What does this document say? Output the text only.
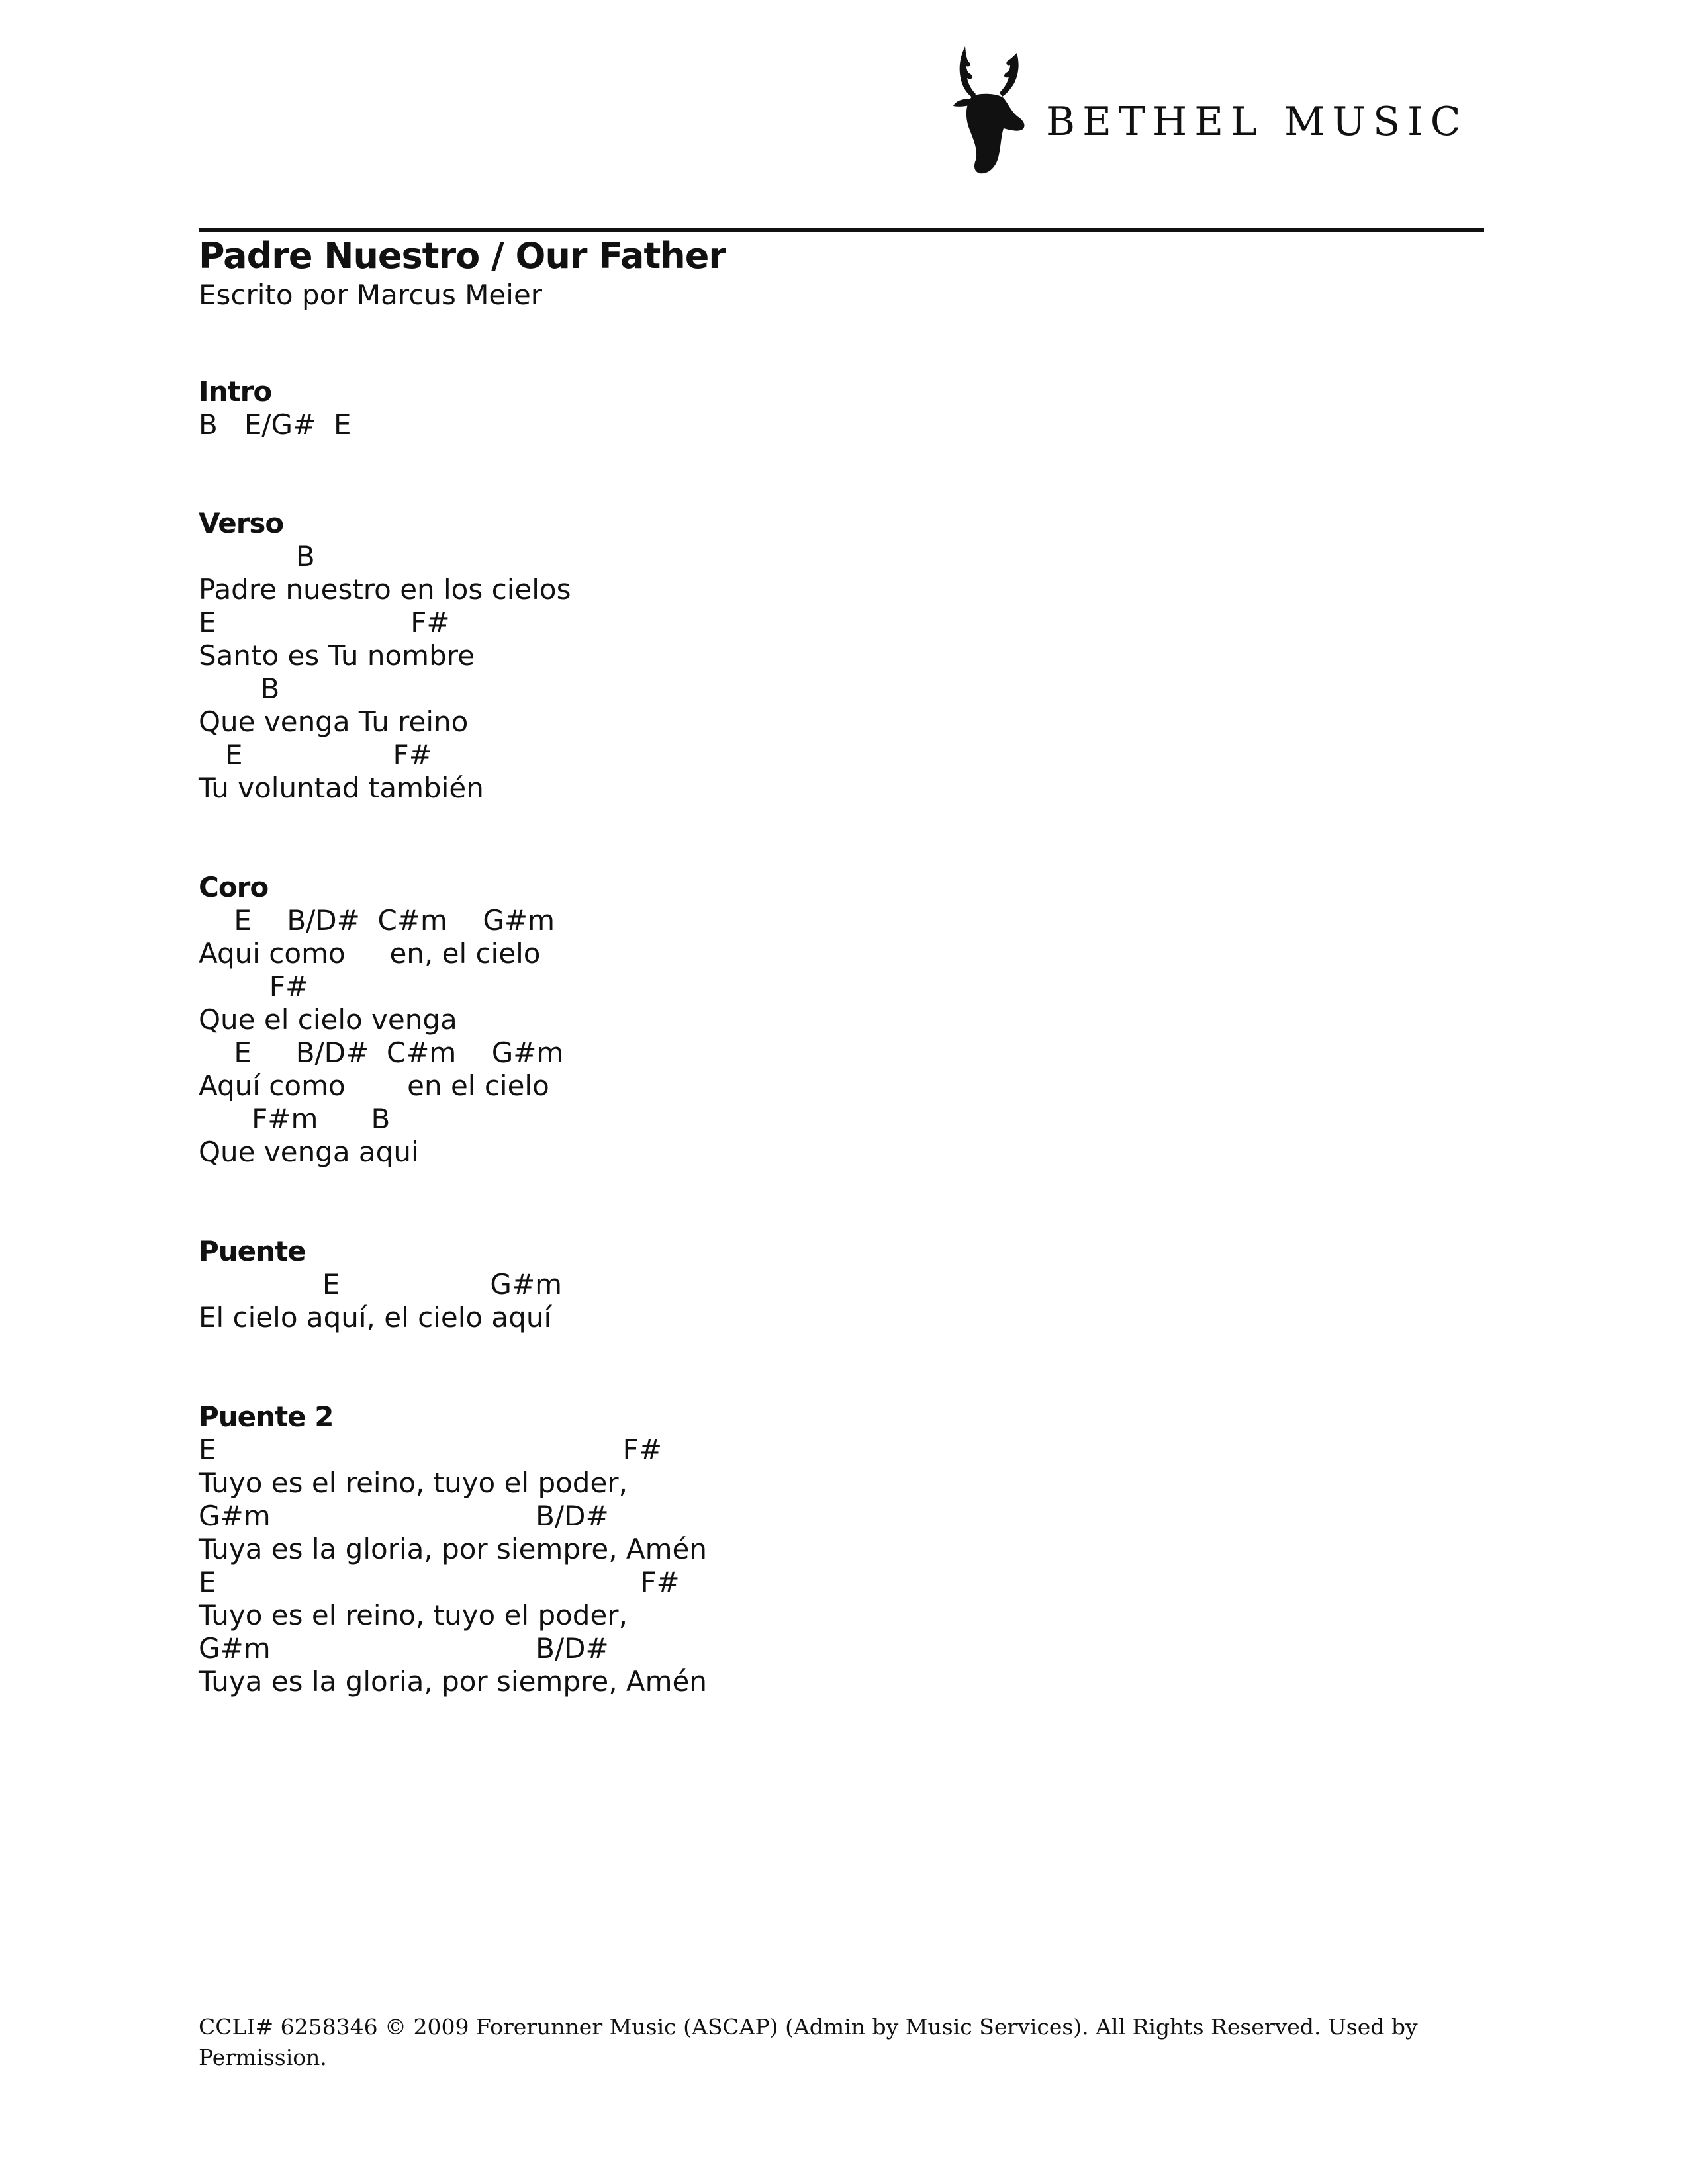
BETHEL MUSIC
Padre Nuestro / Our Father
Escrito por Marcus Meier
Intro
B   E/G#  E
Verso
B
Padre nuestro en los cielos
E                      F#
Santo es Tu nombre
B
Que venga Tu reino
E                 F#
Tu voluntad también
Coro
E    B/D#  C#m    G#m
Aqui como     en, el cielo
F#
Que el cielo venga
E     B/D#  C#m    G#m
Aquí como       en el cielo
F#m      B
Que venga aqui
Puente
E                 G#m
El cielo aquí, el cielo aquí
Puente 2
E                                              F#
Tuyo es el reino, tuyo el poder,
G#m                              B/D#
Tuya es la gloria, por siempre, Amén
E                                                F#
Tuyo es el reino, tuyo el poder,
G#m                              B/D#
Tuya es la gloria, por siempre, Amén
CCLI# 6258346 © 2009 Forerunner Music (ASCAP) (Admin by Music Services). All Rights Reserved. Used by Permission.
